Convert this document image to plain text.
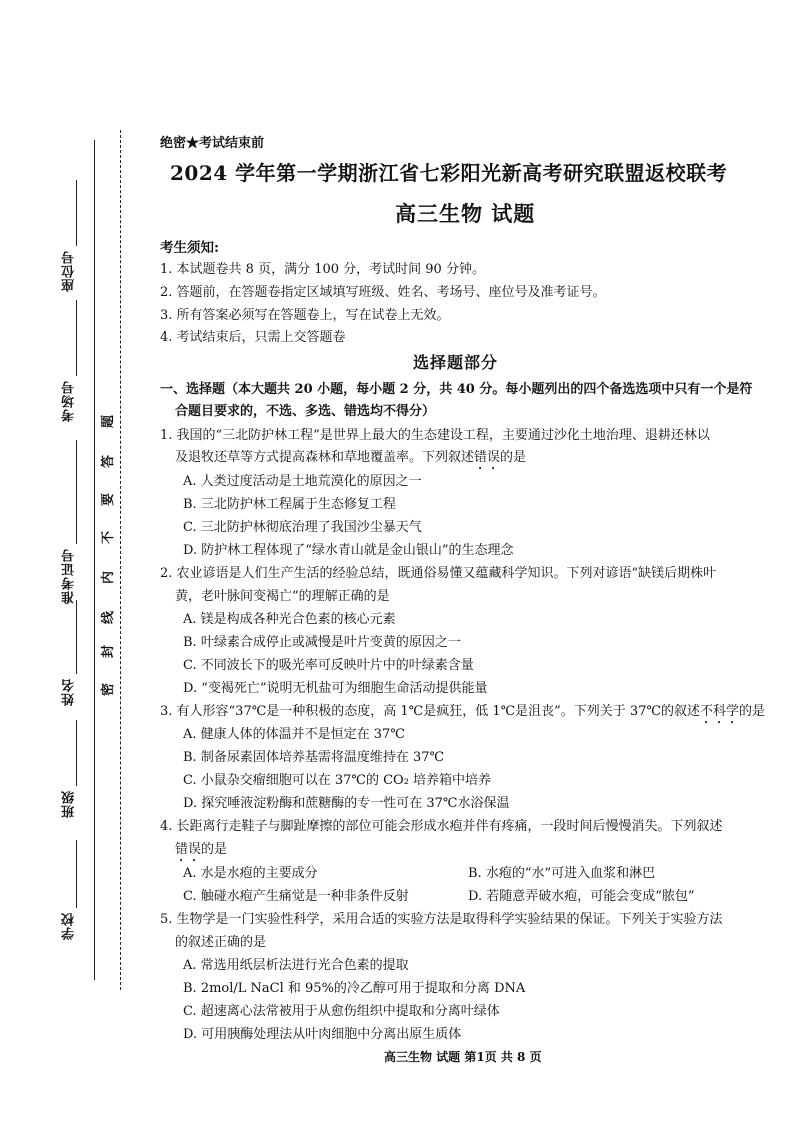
座位号
考场号
准考证号
姓名
班级
学校
密
封
线
内
不
要
答
题
绝密★考试结束前
2024 学年第一学期浙江省七彩阳光新高考研究联盟返校联考
高三生物 试题
考生须知:
1. 本试题卷共 8 页，满分 100 分，考试时间 90 分钟。
2. 答题前，在答题卷指定区域填写班级、姓名、考场号、座位号及准考证号。
3. 所有答案必须写在答题卷上，写在试卷上无效。
4. 考试结束后，只需上交答题卷
选择题部分
一、选择题（本大题共 20 小题，每小题 2 分，共 40 分。每小题列出的四个备选选项中只有一个是符
合题目要求的，不选、多选、错选均不得分）
1. 我国的“三北防护林工程”是世界上最大的生态建设工程，主要通过沙化土地治理、退耕还林以
及退牧还草等方式提高森林和草地覆盖率。下列叙述错误的是
A. 人类过度活动是土地荒漠化的原因之一
B. 三北防护林工程属于生态修复工程
C. 三北防护林彻底治理了我国沙尘暴天气
D. 防护林工程体现了“绿水青山就是金山银山”的生态理念
2. 农业谚语是人们生产生活的经验总结，既通俗易懂又蕴藏科学知识。下列对谚语“缺镁后期株叶
黄，老叶脉间变褐亡”的理解正确的是
A. 镁是构成各种光合色素的核心元素
B. 叶绿素合成停止或减慢是叶片变黄的原因之一
C. 不同波长下的吸光率可反映叶片中的叶绿素含量
D. “变褐死亡”说明无机盐可为细胞生命活动提供能量
3. 有人形容“37℃是一种积极的态度，高 1℃是疯狂，低 1℃是沮丧”。下列关于 37℃的叙述不科学的是
A. 健康人体的体温并不是恒定在 37℃
B. 制备尿素固体培养基需将温度维持在 37℃
C. 小鼠杂交瘤细胞可以在 37℃的 CO₂ 培养箱中培养
D. 探究唾液淀粉酶和蔗糖酶的专一性可在 37℃水浴保温
4. 长距离行走鞋子与脚趾摩擦的部位可能会形成水疱并伴有疼痛，一段时间后慢慢消失。下列叙述
错误的是
A. 水是水疱的主要成分	B. 水疱的“水”可进入血浆和淋巴
C. 触碰水疱产生痛觉是一种非条件反射	D. 若随意弄破水疱，可能会变成“脓包”
5. 生物学是一门实验性科学，采用合适的实验方法是取得科学实验结果的保证。下列关于实验方法
的叙述正确的是
A. 常选用纸层析法进行光合色素的提取
B. 2mol/L NaCl 和 95%的冷乙醇可用于提取和分离 DNA
C. 超速离心法常被用于从愈伤组织中提取和分离叶绿体
D. 可用胰酶处理法从叶肉细胞中分离出原生质体
高三生物 试题 第1页 共 8 页
